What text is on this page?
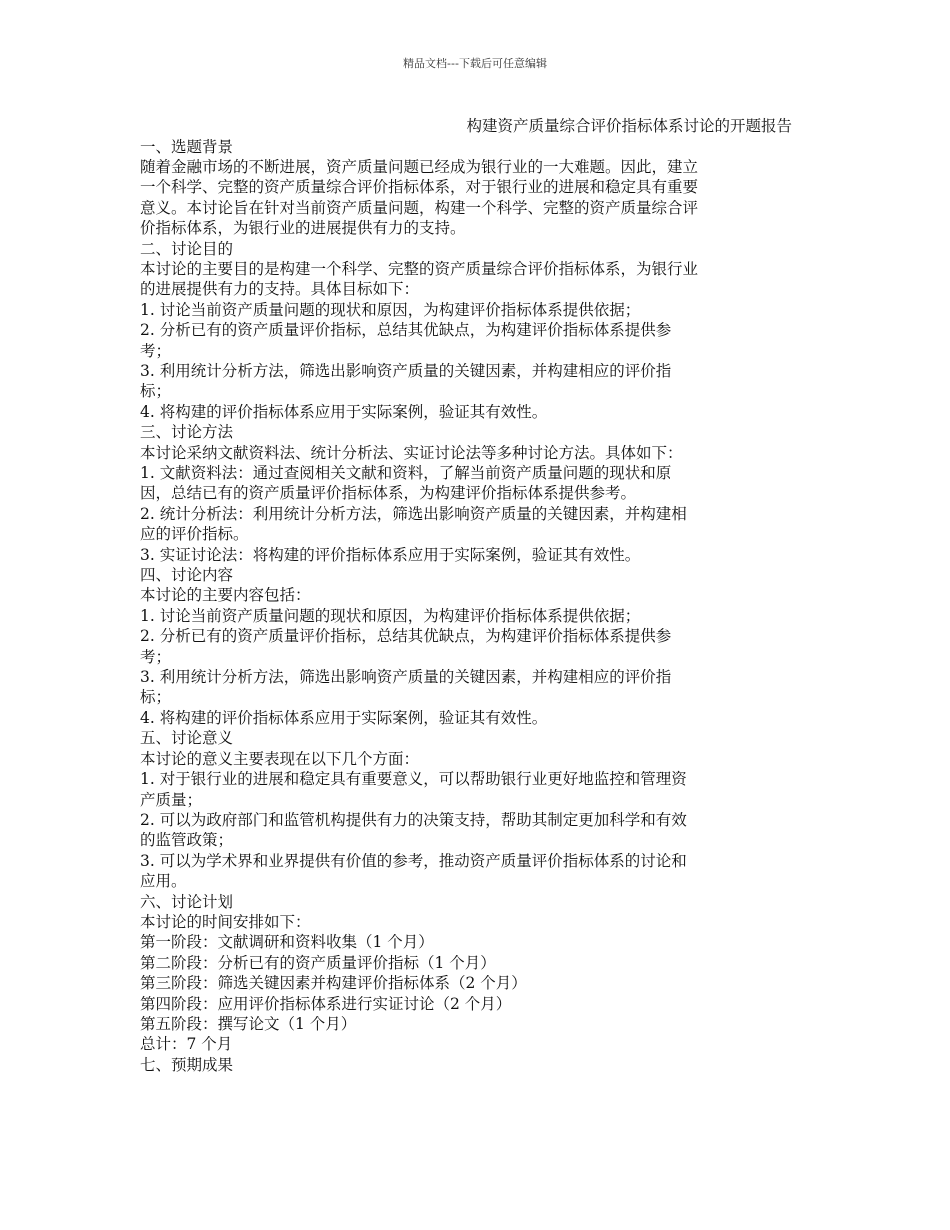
精品文档---下载后可任意编辑
构建资产质量综合评价指标体系讨论的开题报告

一、选题背景

随着金融市场的不断进展，资产质量问题已经成为银行业的一大难题。因此，建立

一个科学、完整的资产质量综合评价指标体系，对于银行业的进展和稳定具有重要

意义。本讨论旨在针对当前资产质量问题，构建一个科学、完整的资产质量综合评

价指标体系，为银行业的进展提供有力的支持。

二、讨论目的

本讨论的主要目的是构建一个科学、完整的资产质量综合评价指标体系，为银行业

的进展提供有力的支持。具体目标如下：

1. 讨论当前资产质量问题的现状和原因，为构建评价指标体系提供依据；

2. 分析已有的资产质量评价指标，总结其优缺点，为构建评价指标体系提供参

考；

3. 利用统计分析方法，筛选出影响资产质量的关键因素，并构建相应的评价指

标；

4. 将构建的评价指标体系应用于实际案例，验证其有效性。

三、讨论方法

本讨论采纳文献资料法、统计分析法、实证讨论法等多种讨论方法。具体如下：

1. 文献资料法：通过查阅相关文献和资料，了解当前资产质量问题的现状和原

因，总结已有的资产质量评价指标体系，为构建评价指标体系提供参考。

2. 统计分析法：利用统计分析方法，筛选出影响资产质量的关键因素，并构建相

应的评价指标。

3. 实证讨论法：将构建的评价指标体系应用于实际案例，验证其有效性。

四、讨论内容

本讨论的主要内容包括：

1. 讨论当前资产质量问题的现状和原因，为构建评价指标体系提供依据；

2. 分析已有的资产质量评价指标，总结其优缺点，为构建评价指标体系提供参

考；

3. 利用统计分析方法，筛选出影响资产质量的关键因素，并构建相应的评价指

标；

4. 将构建的评价指标体系应用于实际案例，验证其有效性。

五、讨论意义

本讨论的意义主要表现在以下几个方面：

1. 对于银行业的进展和稳定具有重要意义，可以帮助银行业更好地监控和管理资

产质量；

2. 可以为政府部门和监管机构提供有力的决策支持，帮助其制定更加科学和有效

的监管政策；

3. 可以为学术界和业界提供有价值的参考，推动资产质量评价指标体系的讨论和

应用。

六、讨论计划

本讨论的时间安排如下：

第一阶段：文献调研和资料收集（1 个月）

第二阶段：分析已有的资产质量评价指标（1 个月）

第三阶段：筛选关键因素并构建评价指标体系（2 个月）

第四阶段：应用评价指标体系进行实证讨论（2 个月）

第五阶段：撰写论文（1 个月）

总计：7 个月

七、预期成果
